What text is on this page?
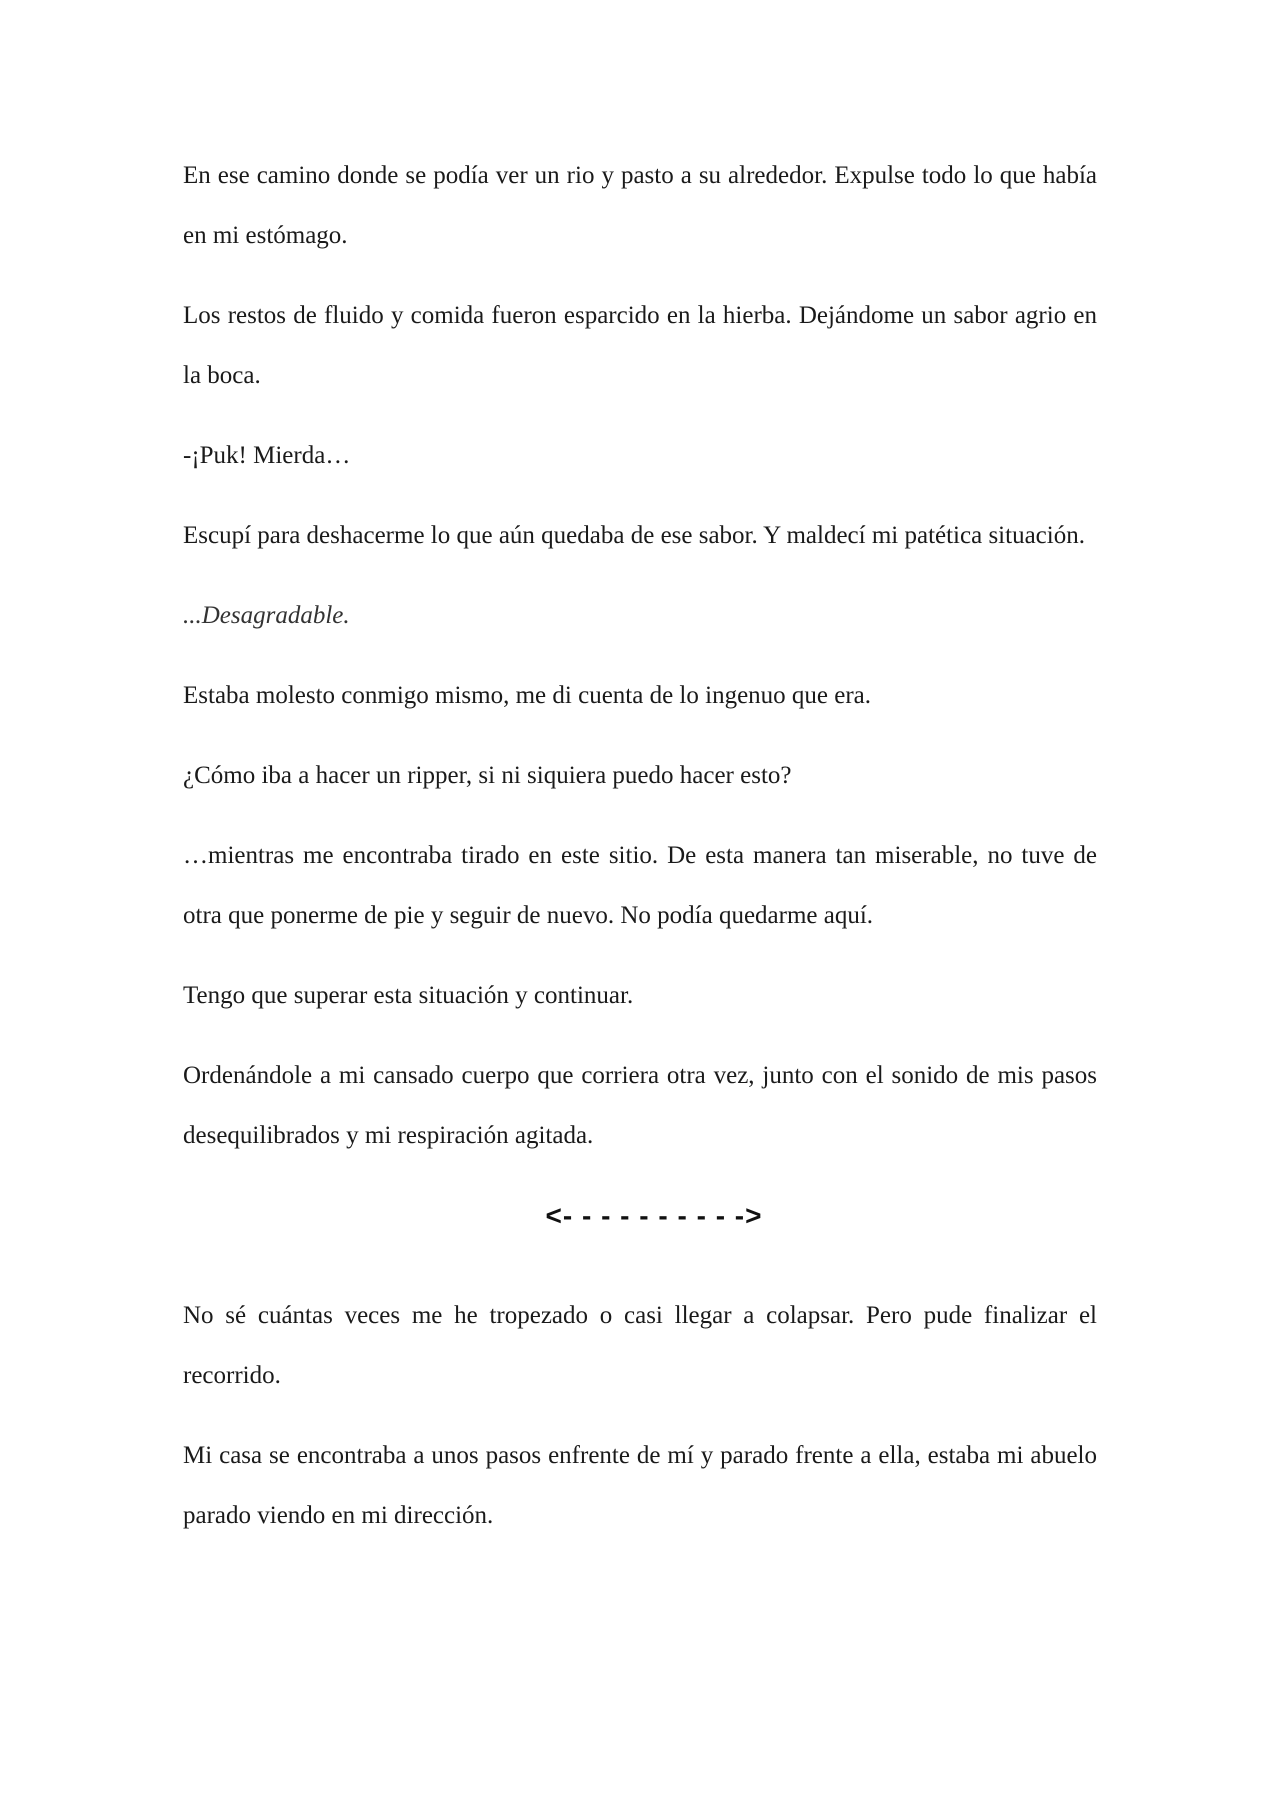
En ese camino donde se podía ver un rio y pasto a su alrededor. Expulse todo lo que había en mi estómago.

Los restos de fluido y comida fueron esparcido en la hierba. Dejándome un sabor agrio en la boca.

-¡Puk! Mierda…

Escupí para deshacerme lo que aún quedaba de ese sabor. Y maldecí mi patética situación.

...Desagradable.

Estaba molesto conmigo mismo, me di cuenta de lo ingenuo que era.

¿Cómo iba a hacer un ripper, si ni siquiera puedo hacer esto?

…mientras me encontraba tirado en este sitio. De esta manera tan miserable, no tuve de otra que ponerme de pie y seguir de nuevo. No podía quedarme aquí.

Tengo que superar esta situación y continuar.

Ordenándole a mi cansado cuerpo que corriera otra vez, junto con el sonido de mis pasos desequilibrados y mi respiración agitada.

<- - - - - - - - - ->

No sé cuántas veces me he tropezado o casi llegar a colapsar. Pero pude finalizar el recorrido.

Mi casa se encontraba a unos pasos enfrente de mí y parado frente a ella, estaba mi abuelo parado viendo en mi dirección.
